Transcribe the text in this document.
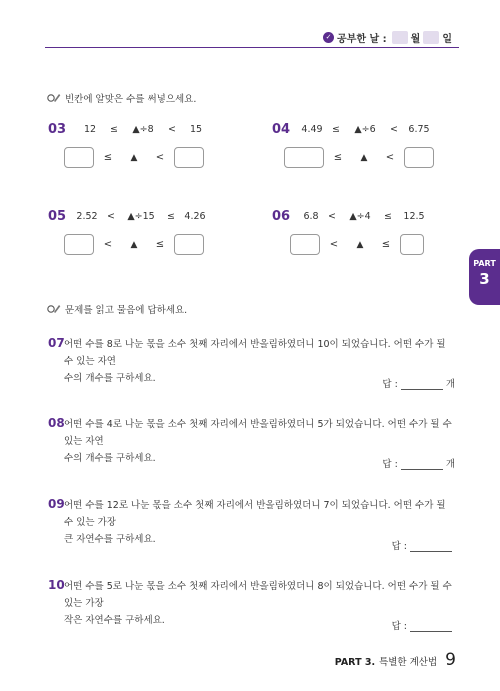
✓ 공부한 날 : 월 일
빈칸에 알맞은 수를 써넣으세요.
03	12	≤	▲÷8	<	15
≤	▲	<
04	4.49 ≤	▲÷6	<	6.75
≤	▲	<
05	2.52 <	▲÷15	≤ 4.26
<	▲	≤
06	6.8 <	▲÷4	≤	12.5
<	▲	≤
PART
3
문제를 읽고 물음에 답하세요.
07 어떤 수를 8로 나눈 몫을 소수 첫째 자리에서 반올림하였더니 10이 되었습니다. 어떤 수가 될 수 있는 자연
수의 개수를 구하세요.
답 :	개
08 어떤 수를 4로 나눈 몫을 소수 첫째 자리에서 반올림하였더니 5가 되었습니다. 어떤 수가 될 수 있는 자연
수의 개수를 구하세요.
답 :	개
09 어떤 수를 12로 나눈 몫을 소수 첫째 자리에서 반올림하였더니 7이 되었습니다. 어떤 수가 될 수 있는 가장
큰 자연수를 구하세요.
답 :
10 어떤 수를 5로 나눈 몫을 소수 첫째 자리에서 반올림하였더니 8이 되었습니다. 어떤 수가 될 수 있는 가장
작은 자연수를 구하세요.
답 :
PART 3. 특별한 계산법 9
